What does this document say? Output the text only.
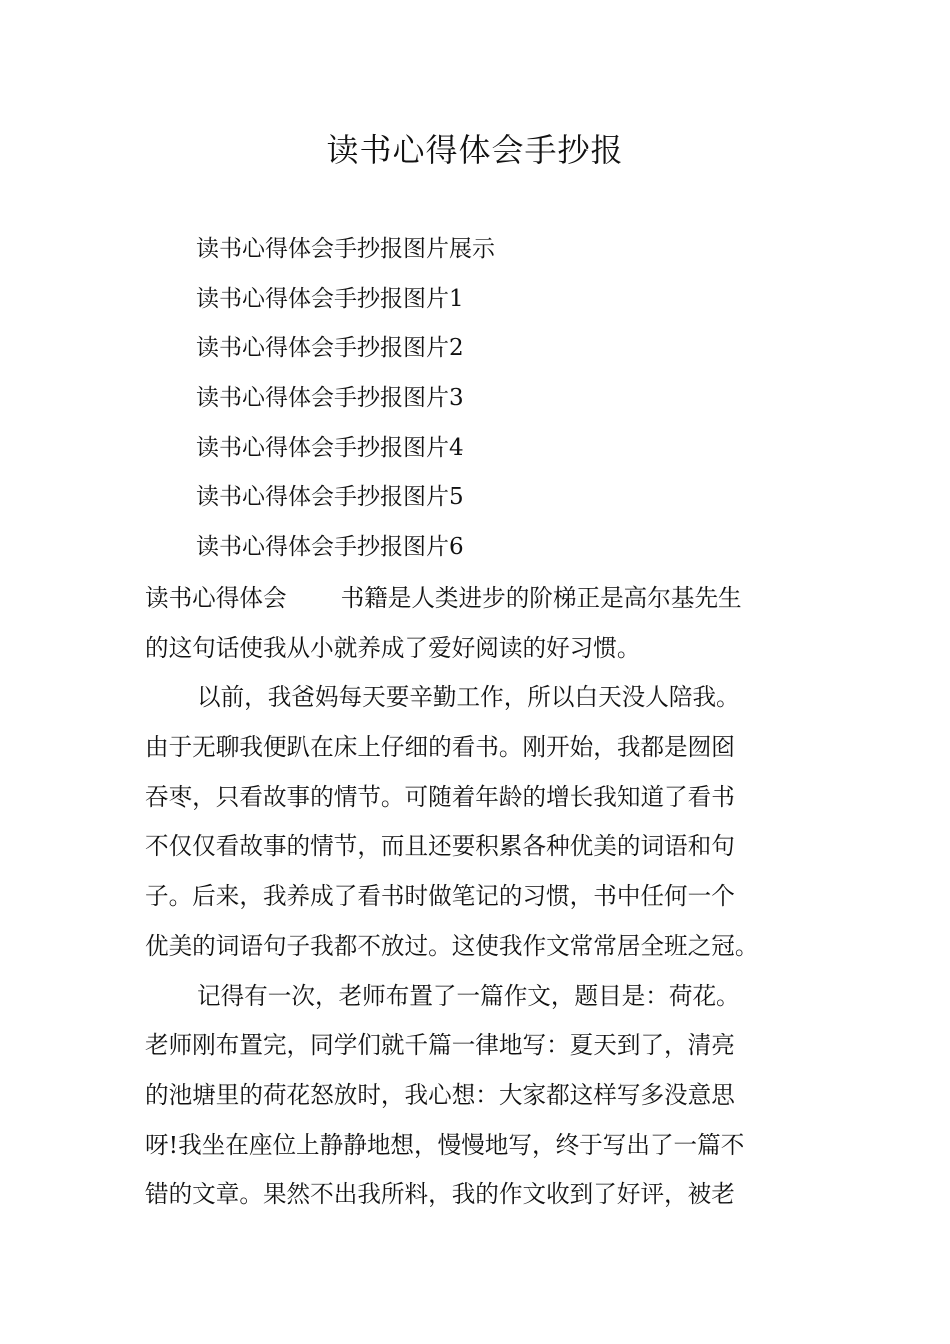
读书心得体会手抄报
读书心得体会手抄报图片展示
读书心得体会手抄报图片1
读书心得体会手抄报图片2
读书心得体会手抄报图片3
读书心得体会手抄报图片4
读书心得体会手抄报图片5
读书心得体会手抄报图片6
读书心得体会 书籍是人类进步的阶梯正是高尔基先生
的这句话使我从小就养成了爱好阅读的好习惯。
以前，我爸妈每天要辛勤工作，所以白天没人陪我。
由于无聊我便趴在床上仔细的看书。刚开始，我都是囫囵
吞枣，只看故事的情节。可随着年龄的增长我知道了看书
不仅仅看故事的情节，而且还要积累各种优美的词语和句
子。后来，我养成了看书时做笔记的习惯，书中任何一个
优美的词语句子我都不放过。这使我作文常常居全班之冠。
记得有一次，老师布置了一篇作文，题目是：荷花。
老师刚布置完，同学们就千篇一律地写：夏天到了，清亮
的池塘里的荷花怒放时，我心想：大家都这样写多没意思
呀!我坐在座位上静静地想，慢慢地写，终于写出了一篇不
错的文章。果然不出我所料，我的作文收到了好评，被老
